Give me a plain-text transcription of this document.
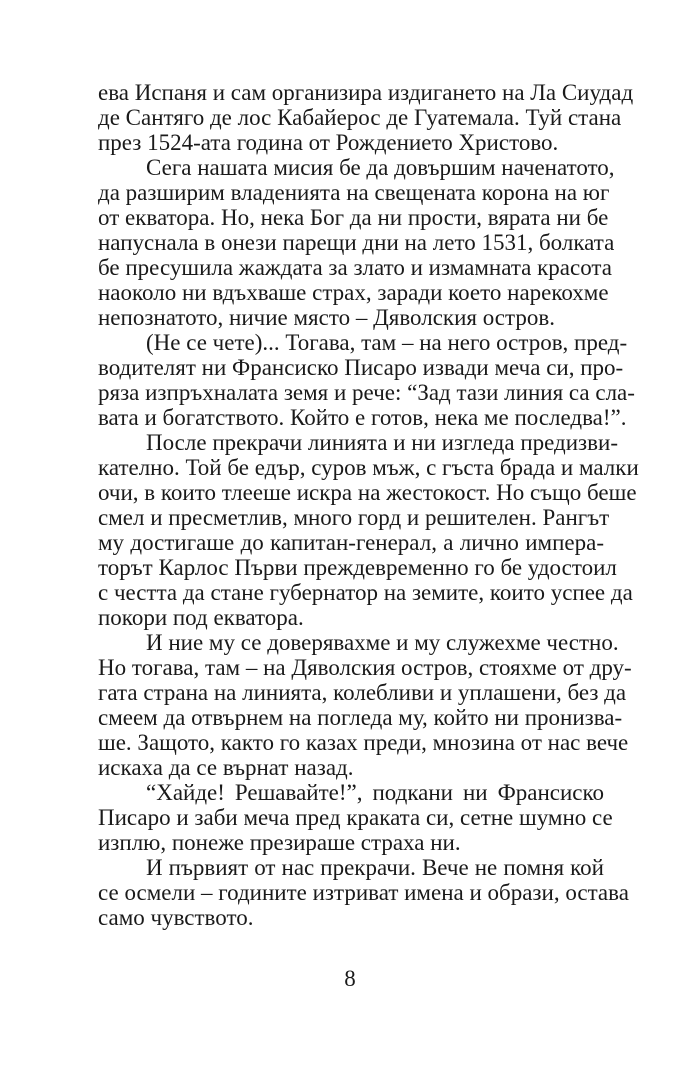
ева Испаня и сам организира издигането на Ла Сиудад
де Сантяго де лос Кабайерос де Гуатемала. Туй стана
през 1524-ата година от Рождението Христово.
Сега нашата мисия бе да довършим наченатото,
да разширим владенията на свещената корона на юг
от екватора. Но, нека Бог да ни прости, вярата ни бе
напуснала в онези парещи дни на лето 1531, болката
бе пресушила жаждата за злато и измамната красота
наоколо ни вдъхваше страх, заради което нарекохме
непознатото, ничие място – Дяволския остров.
(Не се чете)... Тогава, там – на него остров, пред-
водителят ни Франсиско Писаро извади меча си, про-
ряза изпръхналата земя и рече: “Зад тази линия са сла-
вата и богатството. Който е готов, нека ме последва!”.
После прекрачи линията и ни изгледа предизви-
кателно. Той бе едър, суров мъж, с гъста брада и малки
очи, в които тлееше искра на жестокост. Но също беше
смел и пресметлив, много горд и решителен. Рангът
му достигаше до капитан-генерал, а лично импера-
торът Карлос Първи преждевременно го бе удостоил
с честта да стане губернатор на земите, които успее да
покори под екватора.
И ние му се доверявахме и му служехме честно.
Но тогава, там – на Дяволския остров, стояхме от дру-
гата страна на линията, колебливи и уплашени, без да
смеем да отвърнем на погледа му, който ни пронизва-
ше. Защото, както го казах преди, мнозина от нас вече
искаха да се върнат назад.
“Хайде! Решавайте!”, подкани ни Франсиско
Писаро и заби меча пред краката си, сетне шумно се
изплю, понеже презираше страха ни.
И първият от нас прекрачи. Вече не помня кой
се осмели – годините изтриват имена и образи, остава
само чувството.
8
